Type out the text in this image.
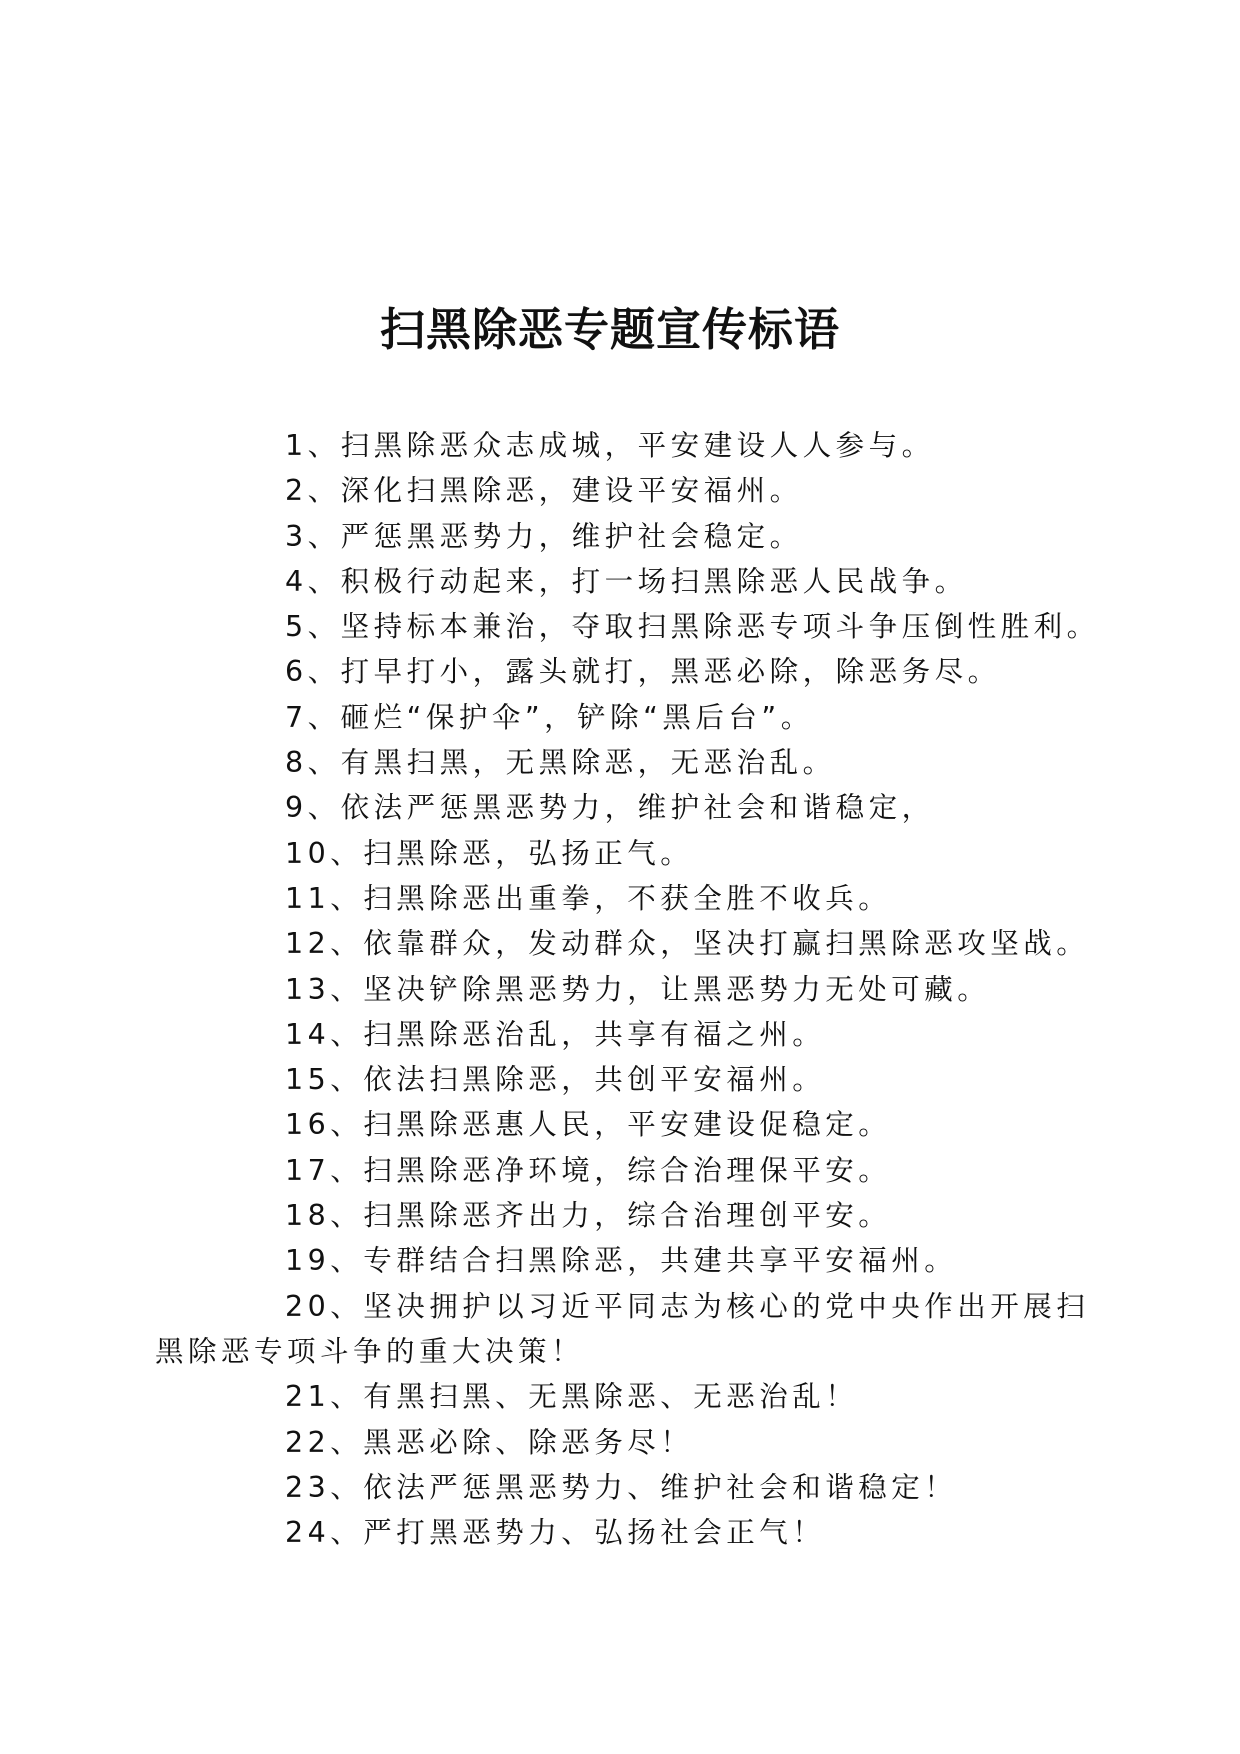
扫黑除恶专题宣传标语
1、扫黑除恶众志成城，平安建设人人参与。
2、深化扫黑除恶，建设平安福州。
3、严惩黑恶势力，维护社会稳定。
4、积极行动起来，打一场扫黑除恶人民战争。
5、坚持标本兼治，夺取扫黑除恶专项斗争压倒性胜利。
6、打早打小，露头就打，黑恶必除，除恶务尽。
7、砸烂“保护伞”，铲除“黑后台”。
8、有黑扫黑，无黑除恶，无恶治乱。
9、依法严惩黑恶势力，维护社会和谐稳定，
10、扫黑除恶，弘扬正气。
11、扫黑除恶出重拳，不获全胜不收兵。
12、依靠群众，发动群众，坚决打赢扫黑除恶攻坚战。
13、坚决铲除黑恶势力，让黑恶势力无处可藏。
14、扫黑除恶治乱，共享有福之州。
15、依法扫黑除恶，共创平安福州。
16、扫黑除恶惠人民，平安建设促稳定。
17、扫黑除恶净环境，综合治理保平安。
18、扫黑除恶齐出力，综合治理创平安。
19、专群结合扫黑除恶，共建共享平安福州。
20、坚决拥护以习近平同志为核心的党中央作出开展扫黑除恶专项斗争的重大决策！
21、有黑扫黑、无黑除恶、无恶治乱！
22、黑恶必除、除恶务尽！
23、依法严惩黑恶势力、维护社会和谐稳定！
24、严打黑恶势力、弘扬社会正气！
